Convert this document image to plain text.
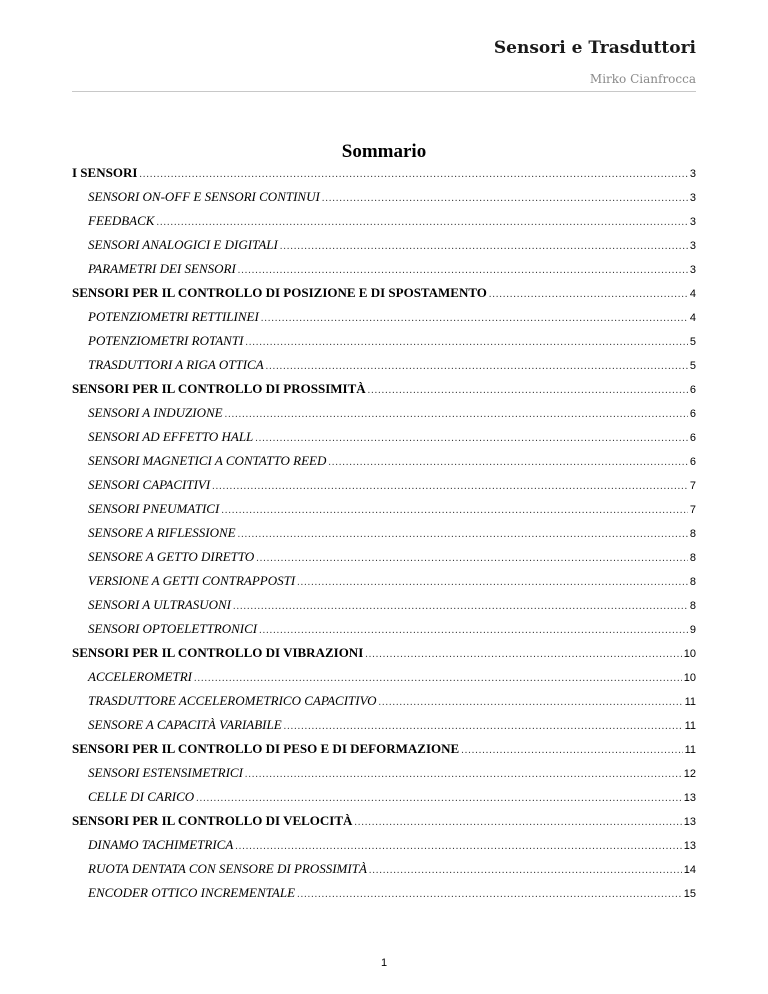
Sensori e Trasduttori
Mirko Cianfrocca
Sommario
I SENSORI .....	3
SENSORI ON-OFF E SENSORI CONTINUI .....	3
FEEDBACK .....	3
SENSORI ANALOGICI E DIGITALI .....	3
PARAMETRI DEI SENSORI .....	3
SENSORI PER IL CONTROLLO DI POSIZIONE E DI SPOSTAMENTO .....	4
POTENZIOMETRI RETTILINEI .....	4
POTENZIOMETRI ROTANTI .....	5
TRASDUTTORI A RIGA OTTICA .....	5
SENSORI PER IL CONTROLLO DI PROSSIMITÀ .....	6
SENSORI A INDUZIONE .....	6
SENSORI AD EFFETTO HALL .....	6
SENSORI MAGNETICI A CONTATTO REED .....	6
SENSORI CAPACITIVI .....	7
SENSORI PNEUMATICI .....	7
SENSORE A RIFLESSIONE .....	8
SENSORE A GETTO DIRETTO .....	8
VERSIONE A GETTI CONTRAPPOSTI .....	8
SENSORI A ULTRASUONI .....	8
SENSORI OPTOELETTRONICI .....	9
SENSORI PER IL CONTROLLO DI VIBRAZIONI .....	10
ACCELEROMETRI .....	10
TRASDUTTORE ACCELEROMETRICO CAPACITIVO .....	11
SENSORE A CAPACITÀ VARIABILE .....	11
SENSORI PER IL CONTROLLO DI PESO E DI DEFORMAZIONE .....	11
SENSORI ESTENSIMETRICI .....	12
CELLE DI CARICO .....	13
SENSORI PER IL CONTROLLO DI VELOCITÀ .....	13
DINAMO TACHIMETRICA .....	13
RUOTA DENTATA CON SENSORE DI PROSSIMITÀ .....	14
ENCODER OTTICO INCREMENTALE .....	15
1
